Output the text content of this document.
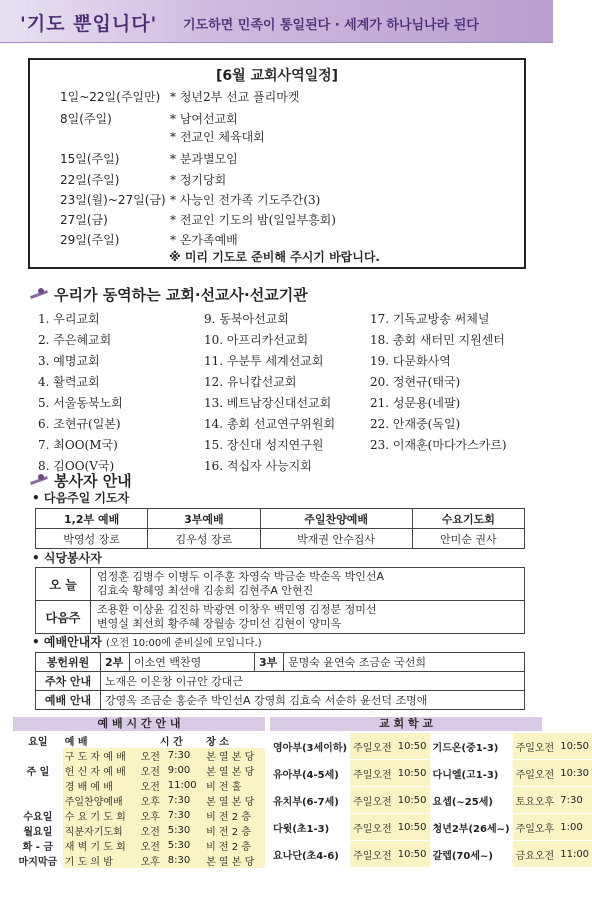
'기도 뿐입니다' 기도하면 민족이 통일된다 · 세계가 하나님나라 된다
[6월 교회사역일정]
1일~22일(주일만) * 청년2부 선교 플리마켓
8일(주일)	* 남여선교회
* 전교인 체육대회
15일(주일)	* 분과별모임
22일(주일)	* 정기당회
23일(월)~27일(금) * 사능인 전가족 기도주간(3)
27일(금)	* 전교인 기도의 밤(일일부흥회)
29일(주일)	* 온가족예배
※ 미리 기도로 준비해 주시기 바랍니다.
우리가 동역하는 교회·선교사·선교기관
1. 우리교회
2. 주은혜교회
3. 예명교회
4. 활력교회
5. 서울동북노회
6. 조현규(일본)
7. 최OO(M국)
8. 김OO(V국)
9. 동북아선교회
10. 아프리카선교회
11. 우분투 세계선교회
12. 유니캅선교회
13. 베트남장신대선교회
14. 총회 선교연구위원회
15. 장신대 성지연구원
16. 적십자 사능지회
17. 기독교방송 써체널
18. 총회 새터민 지원센터
19. 다문화사역
20. 정현규(태국)
21. 성문용(네팔)
22. 안재중(독일)
23. 이재훈(마다가스카르)
봉사자 안내
• 다음주일 기도자
1,2부 예배	3부예배	주일찬양예배	수요기도회
박영성 장로	김우성 장로	박재권 안수집사	안미순 권사
• 식당봉사자
오 늘	엄정훈 김병수 이병두 이주훈 차영숙 박금순 박순옥 박인선A
김효숙 황혜영 최선애 김송희 김현주A 안현진

다음주	조용환 이상윤 김진하 박광연 이창우 백민영 김정분 정미선
변영실 최선희 황주혜 장월송 강미선 김현이 양미옥
• 예배안내자 (오전 10:00에 준비실에 모입니다.)
봉헌위원	2부	이소연 백찬영	3부	문명숙 윤연숙 조금순 국선희
주차 안내	노재은 이은창 이규안 강대근			
예배 안내	강영옥 조금순 홍순주 박인선A 강영희 김효숙 서순하 윤선덕 조명애			
예 배 시 간 안 내
요일	예 배	시 간		장 소
	구 도 자 예 배	오전	7:30	본 열 본 당
주 일	헌 신 자 예 배	오전	9:00	본 열 본 당
	경 배 예 배	오전	11:00	비 전 홀
	주일찬양예배	오후	7:30	본 열 본 당
수요일	수 요 기 도 회	오후	7:30	비 전 2 층
월요일	직분자기도회	오전	5:30	비 전 2 층
화 - 금	새 벽 기 도 회	오전	5:30	비 전 2 층
마지막금	기 도 의 밤	오후	8:30	본 열 본 당
교 회 학 교
영아부(3세이하)	주일오전	10:50	기드온(중1-3)	주일오전	10:50
유아부(4-5세)	주일오전	10:50	다니엘(고1-3)	주일오전	10:30
유치부(6-7세)	주일오전	10:50	요셉(~25세)	토요오후	7:30
다윗(초1-3)	주일오전	10:50	청년2부(26세~)	주일오후	1:00
요나단(초4-6)	주일오전	10:50	갈렙(70세~)	금요오전	11:00
